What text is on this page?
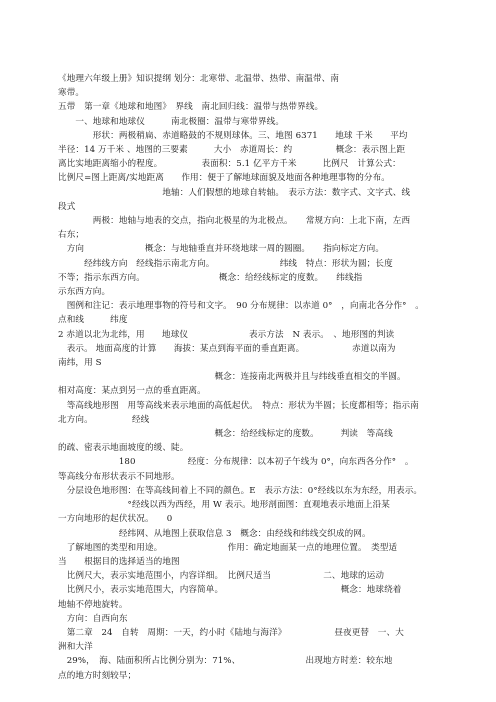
《地理六年级上册》知识提纲 划分：北寒带、北温带、热带、南温带、南
寒带。
五带　第一章《地球和地图》　界线　南北回归线：温带与热带界线。
　　一、地球和地球仪　　　南北极圈：温带与寒带界线。
　　　　形状：两极稍扁、赤道略鼓的不规则球体。三、地图 6371　　地球 千米　　平均
半径：14 万千米 、地图的三要素　　　大小　赤道周长：约　　　　　概念：表示图上距
离比实地距离缩小的程度。　　　　　表面积：5.1 亿平方千米　　　比例尺　计算公式：
比例尺=图上距离/实地距离　　作用：便于了解地球面貌及地面各种地理事物的分布。
　　　　　　　　　　　　地轴：人们假想的地球自转轴。　表示方法：数字式、文字式、线
段式
　　　　两极：地轴与地表的交点，指向北极星的为北极点。　　常规方向：上北下南，左西
右东；
　方向　　　　　　　概念：与地轴垂直并环绕地球一周的圆圈。　　指向标定方向。
　　　经纬线方向　经线指示南北方向。　　　　　　　　纬线　特点：形状为圆；长度
不等；指示东西方向。　　　　　　　　　概念：给经线标定的度数。　　纬线指
示东西方向。
　图例和注记：表示地理事物的符号和文字。　90 分布规律：以赤道 0°　，向南北各分作°　。
点和线　　　纬度
2 赤道以北为北纬，用　　地球仪　　　　　　　表示方法　N 表示。　、地形图的判读
　表示。 地面高度的计算　　海拔：某点到海平面的垂直距离。　　　　　　赤道以南为
南纬，用 S
　　　　　　　　　　　　　　　　　　概念：连接南北两极并且与纬线垂直相交的半圆。
相对高度：某点到另一点的垂直距离。
　等高线地形图　用等高线来表示地面的高低起伏。　特点：形状为半圆；长度都相等；指示南
北方向。　　　　　经线
　　　　　　　　　　　　　　　　　　概念：给经线标定的度数。　　　判读　等高线
的疏、密表示地面坡度的缓、陡。
　　　　　　　180　　　　　　经度：分布规律：以本初子午线为 0°，向东西各分作°　。
等高线分布形状表示不同地形。
　分层设色地形图：在等高线间着上不同的颜色。E　表示方法：0°经线以东为东经，用表示。
　　　　　　　　°经线以西为西经，用 W 表示。地形剖面图：直观地表示地面上沿某
一方向地形的起伏状况。　　0
　　　　　　　经纬网、从地图上获取信息 3　概念：由经线和纬线交织成的网。
　了解地图的类型和用途。　　　　　　　　作用：确定地面某一点的地理位置。　类型适
当　　根据目的选择适当的地图
　比例尺大，表示实地范围小，内容详细。　比例尺适当　　　　　　二、地球的运动
　比例尺小，表示实地范围大，内容简单。　　　　　　　　　　　　　　概念：地球绕着
地轴不停地旋转。
　方向：自西向东
　第二章　24　自转　周期：一天，约小时《陆地与海洋》　　　　　　昼夜更替　一、大
洲和大洋
　29%，　海、陆面积所占比例分别为：71%、　　　　　　　　出现地方时差：较东地
点的地方时刻较早；
